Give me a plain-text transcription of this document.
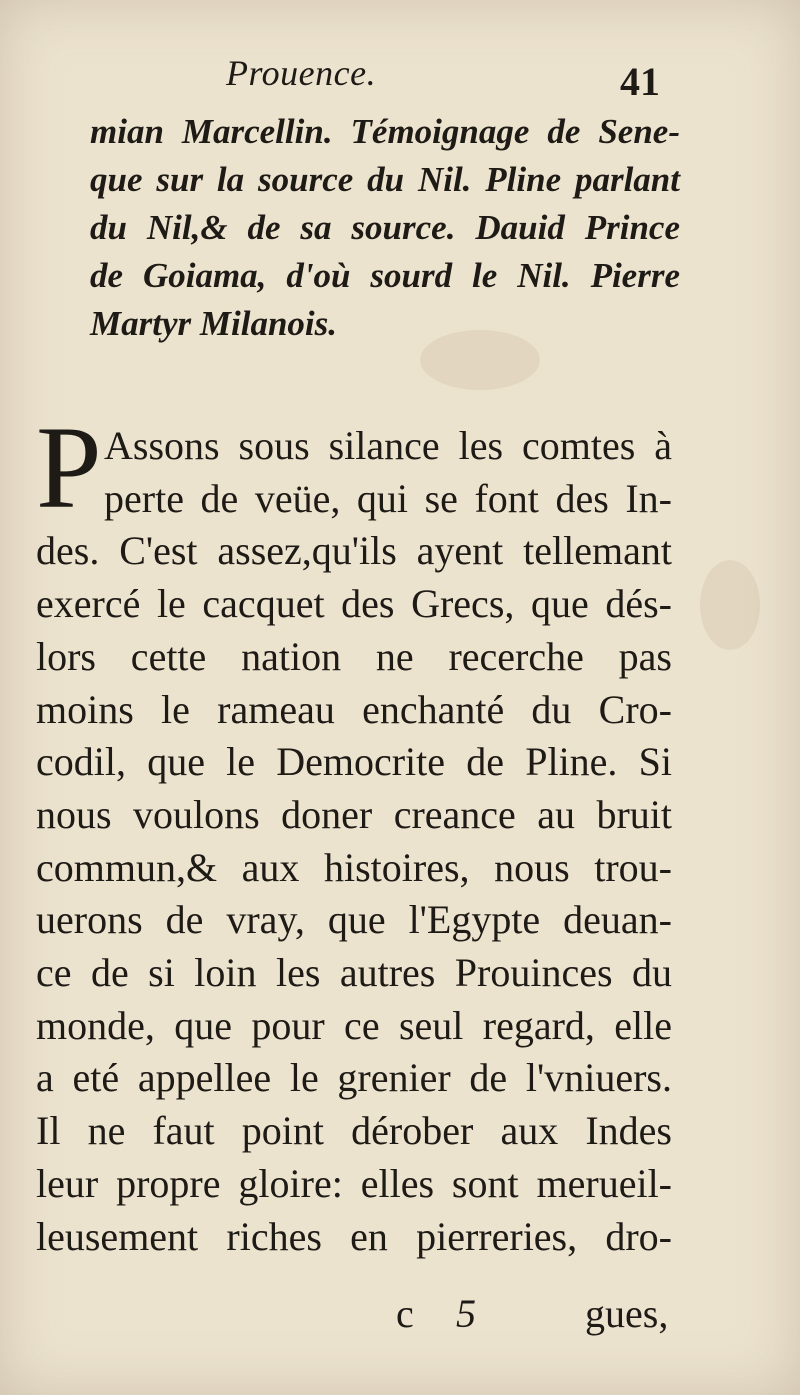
Prouence.	41
mian Marcellin. Témoignage de Sene-
que sur la source du Nil. Pline parlant
du Nil,& de sa source. Dauid Prince
de Goiama, d'où sourd le Nil. Pierre
Martyr Milanois.
P Assons sous silance les comtes à
perte de veüe, qui se font des In-
des. C'est assez,qu'ils ayent tellemant
exercé le cacquet des Grecs, que dés-
lors cette nation ne recerche pas
moins le rameau enchanté du Cro-
codil, que le Democrite de Pline. Si
nous voulons doner creance au bruit
commun,& aux histoires, nous trou-
uerons de vray, que l'Egypte deuan-
ce de si loin les autres Prouinces du
monde, que pour ce seul regard, elle
a eté appellee le grenier de l'vniuers.
Il ne faut point dérober aux Indes
leur propre gloire: elles sont merueil-
leusement riches en pierreries, dro-
c 5	gues,
